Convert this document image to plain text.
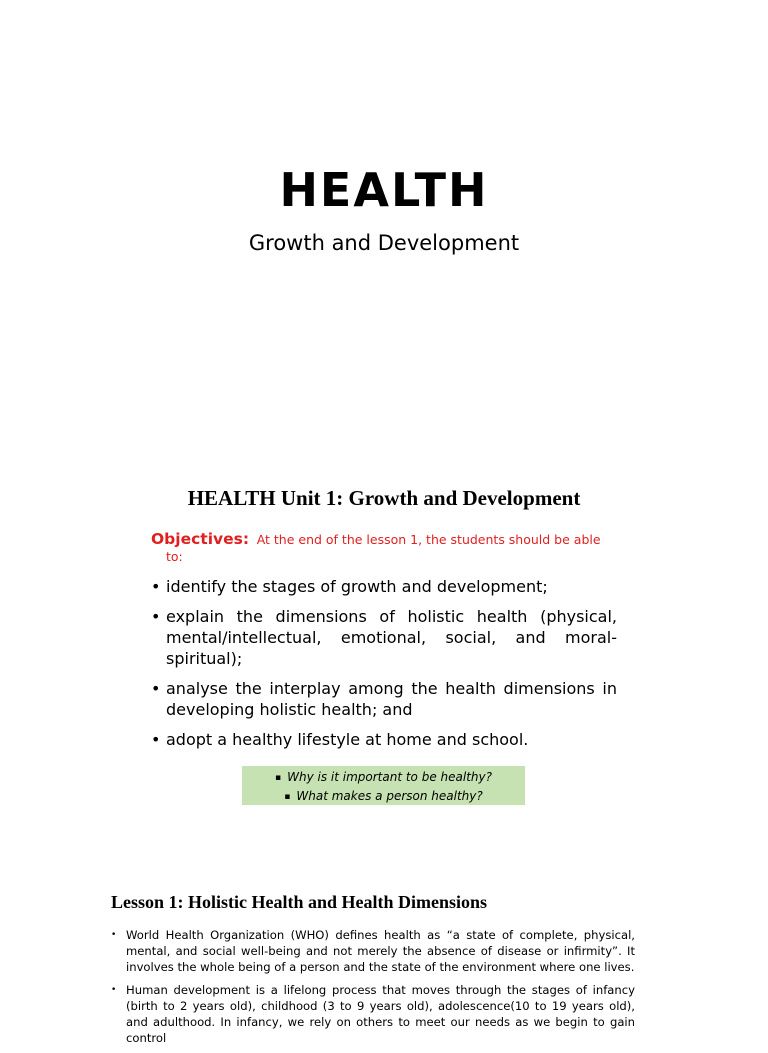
HEALTH
Growth and Development
HEALTH Unit 1: Growth and Development
Objectives: At the end of the lesson 1, the students should be able
to:
• identify the stages of growth and development;
• explain the dimensions of holistic health (physical, mental/intellectual, emotional, social, and moral-spiritual);
• analyse the interplay among the health dimensions in developing holistic health; and
• adopt a healthy lifestyle at home and school.
▪ Why is it important to be healthy?
▪ What makes a person healthy?
Lesson 1: Holistic Health and Health Dimensions
• World Health Organization (WHO) defines health as “a state of complete, physical, mental, and social well-being and not merely the absence of disease or infirmity”. It involves the whole being of a person and the state of the environment where one lives.
• Human development is a lifelong process that moves through the stages of infancy (birth to 2 years old), childhood (3 to 9 years old), adolescence(10 to 19 years old), and adulthood. In infancy, we rely on others to meet our needs as we begin to gain control
